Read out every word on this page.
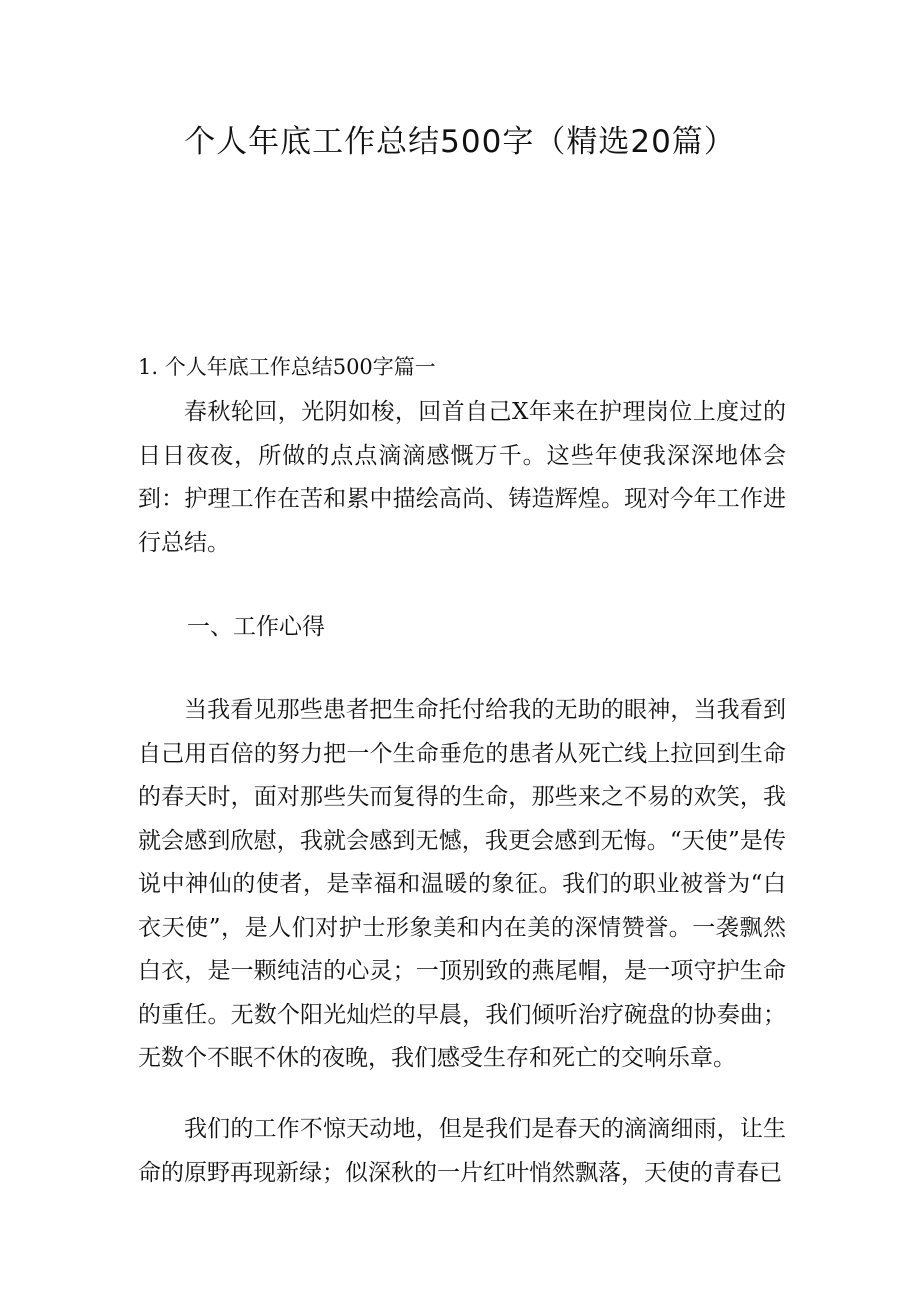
个人年底工作总结500字（精选20篇）
1. 个人年底工作总结500字篇一

春秋轮回，光阴如梭，回首自己X年来在护理岗位上度过的日日夜夜，所做的点点滴滴感慨万千。这些年使我深深地体会到：护理工作在苦和累中描绘高尚、铸造辉煌。现对今年工作进行总结。

一、工作心得

当我看见那些患者把生命托付给我的无助的眼神，当我看到自己用百倍的努力把一个生命垂危的患者从死亡线上拉回到生命的春天时，面对那些失而复得的生命，那些来之不易的欢笑，我就会感到欣慰，我就会感到无憾，我更会感到无悔。“天使”是传说中神仙的使者，是幸福和温暖的象征。我们的职业被誉为“白衣天使”，是人们对护士形象美和内在美的深情赞誉。一袭飘然白衣，是一颗纯洁的心灵；一顶别致的燕尾帽，是一项守护生命的重任。无数个阳光灿烂的早晨，我们倾听治疗碗盘的协奏曲；无数个不眠不休的夜晚，我们感受生存和死亡的交响乐章。

我们的工作不惊天动地，但是我们是春天的滴滴细雨，让生命的原野再现新绿；似深秋的一片红叶悄然飘落，天使的青春已
